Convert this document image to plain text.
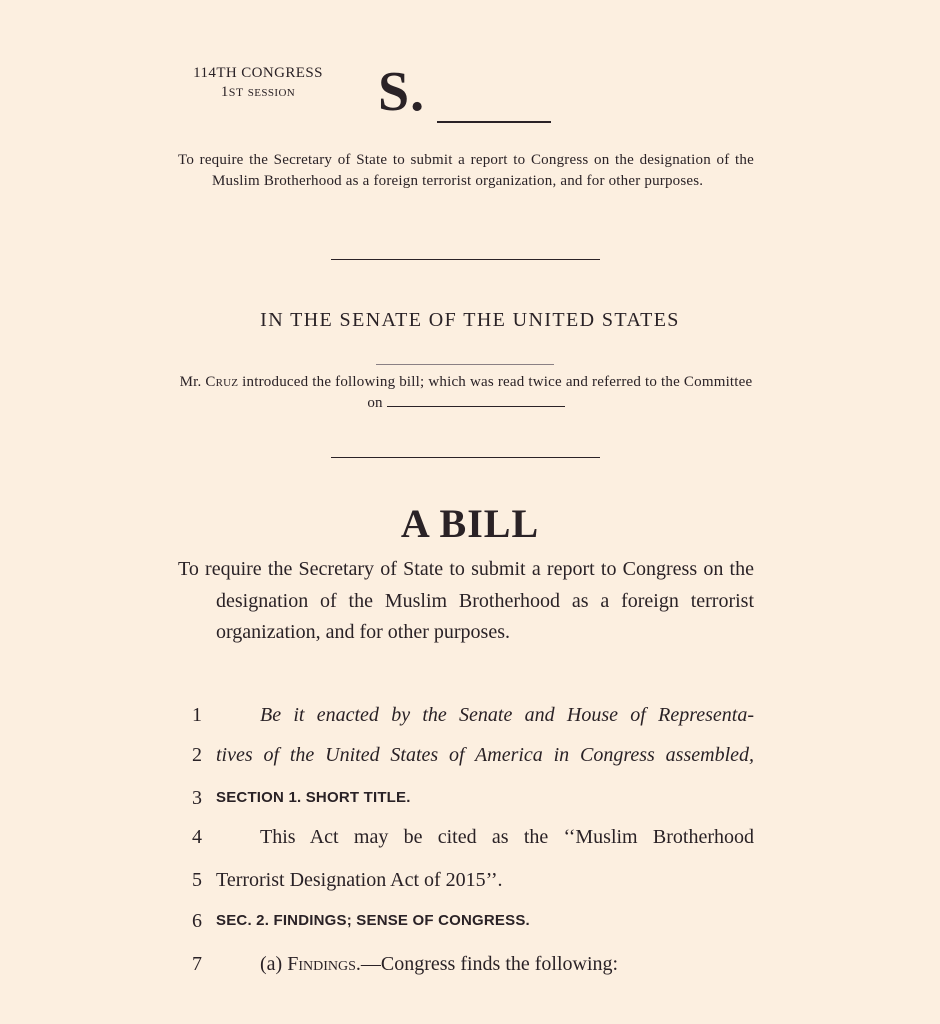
114TH CONGRESS
1ST session	S.
To require the Secretary of State to submit a report to Congress on the designation of the Muslim Brotherhood as a foreign terrorist organization, and for other purposes.
IN THE SENATE OF THE UNITED STATES
Mr. Cruz introduced the following bill; which was read twice and referred to the Committee on
A BILL
To require the Secretary of State to submit a report to Congress on the designation of the Muslim Brotherhood as a foreign terrorist organization, and for other purposes.
1	Be it enacted by the Senate and House of Representa-
2 tives of the United States of America in Congress assembled,
3 SECTION 1. SHORT TITLE.
4	This Act may be cited as the ‘‘Muslim Brotherhood
5 Terrorist Designation Act of 2015’’.
6 SEC. 2. FINDINGS; SENSE OF CONGRESS.
7	(a) Findings.—Congress finds the following:
